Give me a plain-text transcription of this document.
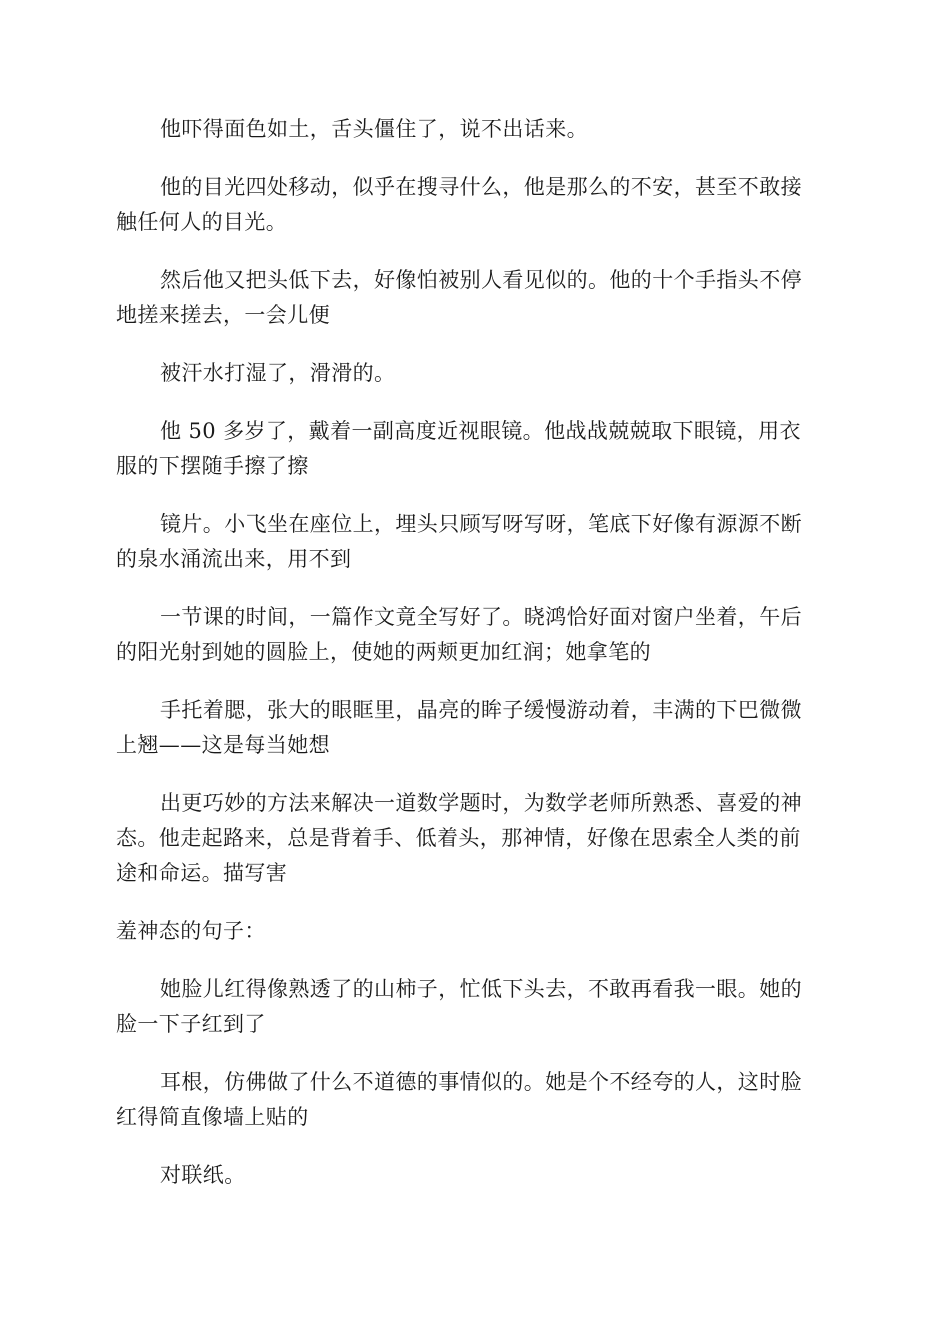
他吓得面色如土，舌头僵住了，说不出话来。

他的目光四处移动，似乎在搜寻什么，他是那么的不安，甚至不敢接
触任何人的目光。

然后他又把头低下去，好像怕被别人看见似的。他的十个手指头不停
地搓来搓去，一会儿便

被汗水打湿了，滑滑的。

他 50 多岁了，戴着一副高度近视眼镜。他战战兢兢取下眼镜，用衣
服的下摆随手擦了擦

镜片。小飞坐在座位上，埋头只顾写呀写呀，笔底下好像有源源不断
的泉水涌流出来，用不到

一节课的时间，一篇作文竟全写好了。晓鸿恰好面对窗户坐着，午后
的阳光射到她的圆脸上，使她的两颊更加红润；她拿笔的

手托着腮，张大的眼眶里，晶亮的眸子缓慢游动着，丰满的下巴微微
上翘——这是每当她想

出更巧妙的方法来解决一道数学题时，为数学老师所熟悉、喜爱的神
态。他走起路来，总是背着手、低着头，那神情，好像在思索全人类的前
途和命运。描写害

羞神态的句子：

她脸儿红得像熟透了的山柿子，忙低下头去，不敢再看我一眼。她的
脸一下子红到了

耳根，仿佛做了什么不道德的事情似的。她是个不经夸的人，这时脸
红得简直像墙上贴的

对联纸。
